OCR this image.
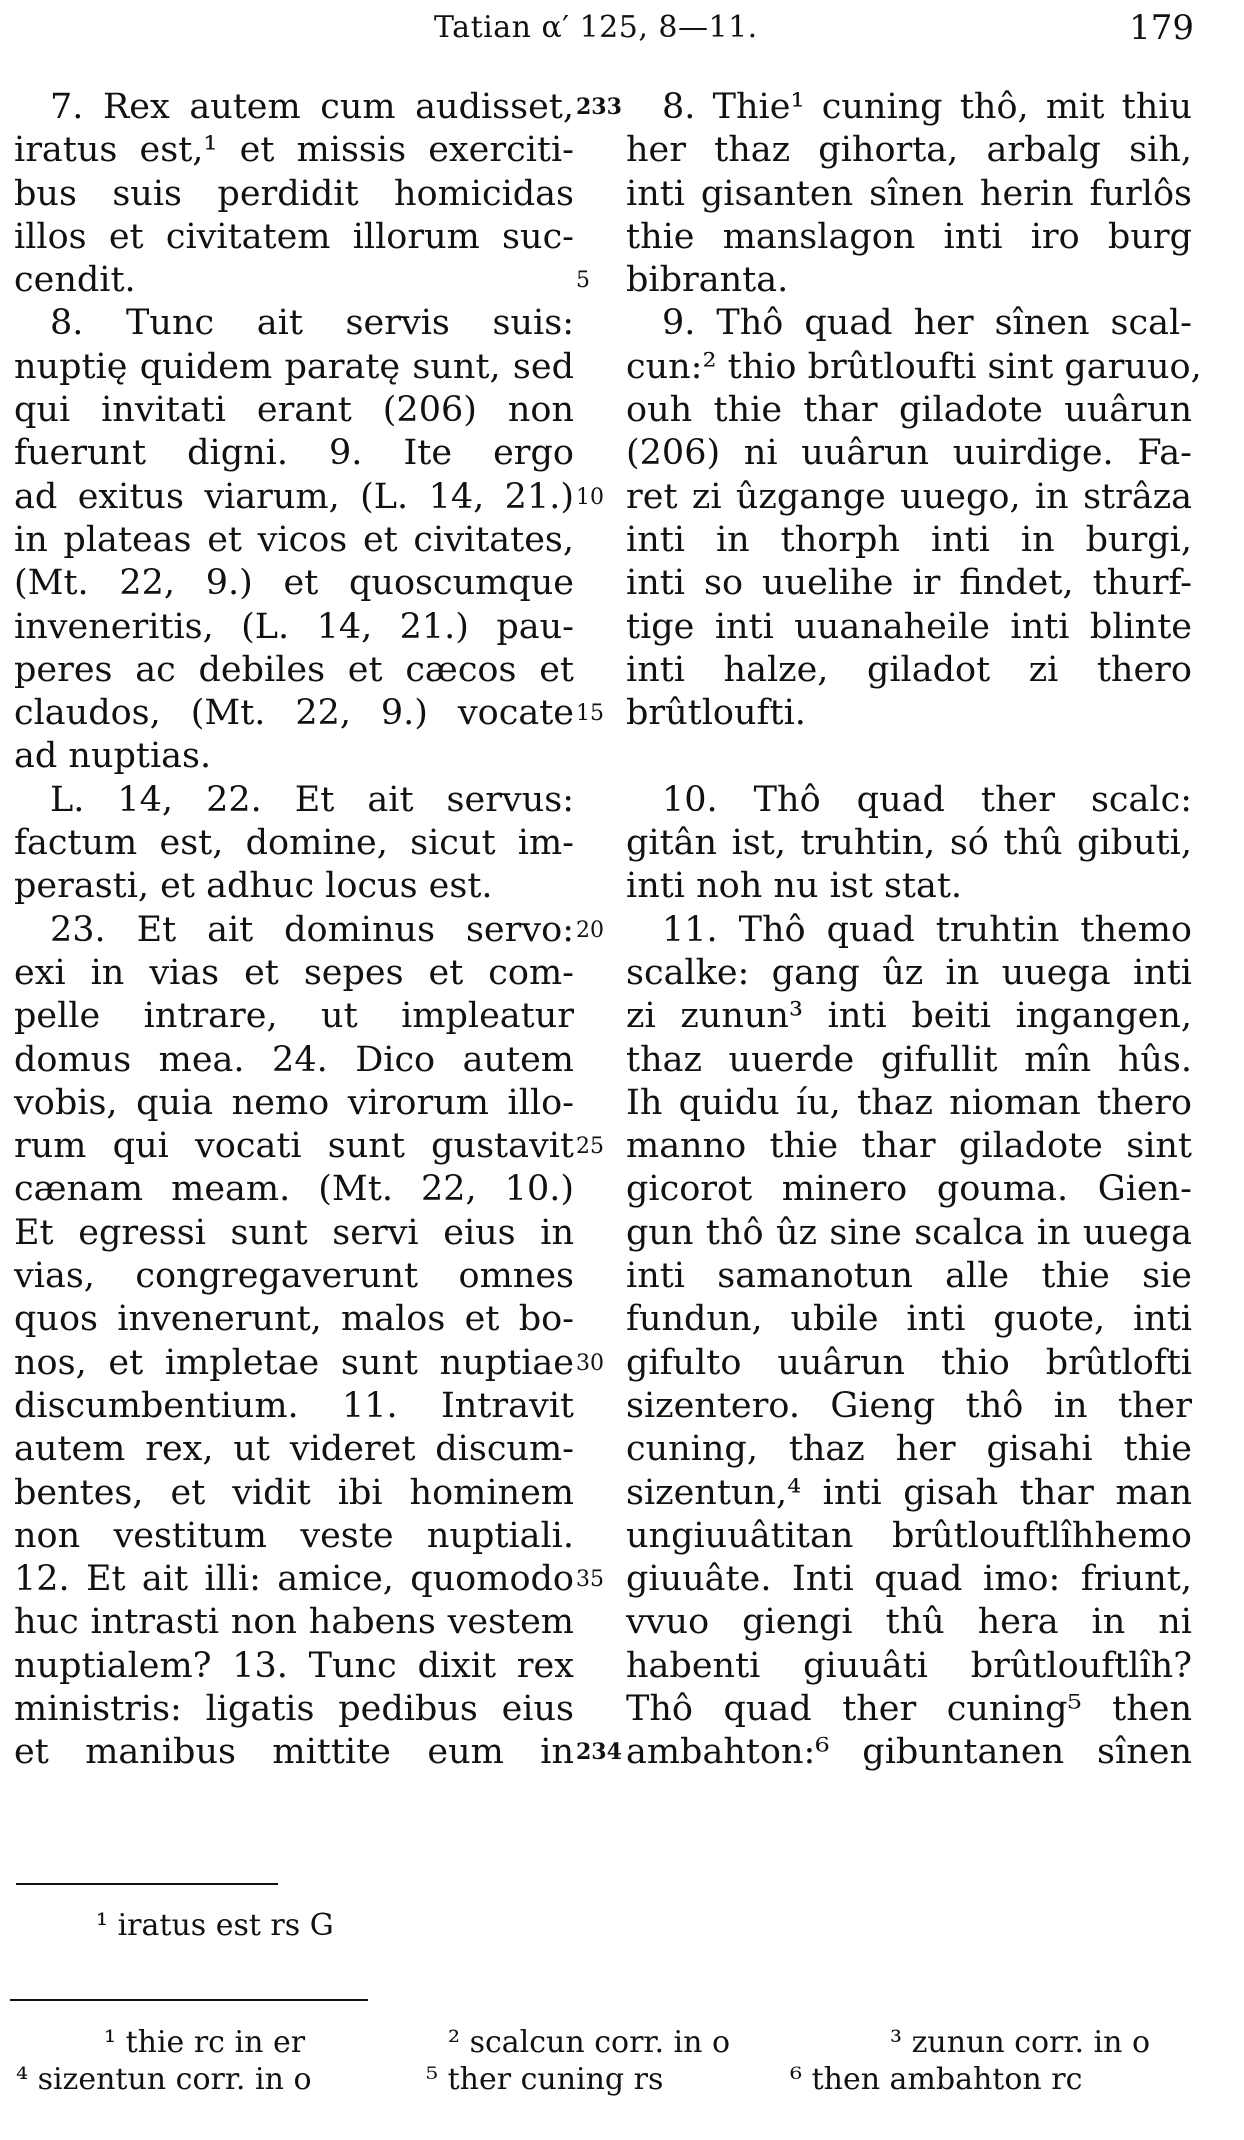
Tatian α′ 125, 8—11.	179
7. Rex autem cum audisset,
iratus est,¹ et missis exerciti-
bus suis perdidit homicidas
illos et civitatem illorum suc-
cendit.
8. Tunc ait servis suis:
nuptię quidem paratę sunt, sed
qui invitati erant (206) non
fuerunt digni. 9. Ite ergo
ad exitus viarum, (L. 14, 21.)
in plateas et vicos et civitates,
(Mt. 22, 9.) et quoscumque
inveneritis, (L. 14, 21.) pau-
peres ac debiles et cæcos et
claudos, (Mt. 22, 9.) vocate
ad nuptias.
L. 14, 22. Et ait servus:
factum est, domine, sicut im-
perasti, et adhuc locus est.
23. Et ait dominus servo:
exi in vias et sepes et com-
pelle intrare, ut impleatur
domus mea. 24. Dico autem
vobis, quia nemo virorum illo-
rum qui vocati sunt gustavit
cænam meam. (Mt. 22, 10.)
Et egressi sunt servi eius in
vias, congregaverunt omnes
quos invenerunt, malos et bo-
nos, et impletae sunt nuptiae
discumbentium. 11. Intravit
autem rex, ut videret discum-
bentes, et vidit ibi hominem
non vestitum veste nuptiali.
12. Et ait illi: amice, quomodo
huc intrasti non habens vestem
nuptialem? 13. Tunc dixit rex
ministris: ligatis pedibus eius
et manibus mittite eum in
233
5
10
15
20
25
30
35
234
8. Thie¹ cuning thô, mit thiu
her thaz gihorta, arbalg sih,
inti gisanten sînen herin furlôs
thie manslagon inti iro burg
bibranta.
9. Thô quad her sînen scal-
cun:² thio brûtloufti sint garuuo,
ouh thie thar giladote uuârun
(206) ni uuârun uuirdige. Fa-
ret zi ûzgange uuego, in strâza
inti in thorph inti in burgi,
inti so uuelihe ir findet, thurf-
tige inti uuanaheile inti blinte
inti halze, giladot zi thero
brûtloufti.
10. Thô quad ther scalc:
gitân ist, truhtin, só thû gibuti,
inti noh nu ist stat.
11. Thô quad truhtin themo
scalke: gang ûz in uuega inti
zi zunun³ inti beiti ingangen,
thaz uuerde gifullit mîn hûs.
Ih quidu íu, thaz nioman thero
manno thie thar giladote sint
gicorot minero gouma. Gien-
gun thô ûz sine scalca in uuega
inti samanotun alle thie sie
fundun, ubile inti guote, inti
gifulto uuârun thio brûtlofti
sizentero. Gieng thô in ther
cuning, thaz her gisahi thie
sizentun,⁴ inti gisah thar man
ungiuuâtitan brûtlouftlîhhemo
giuuâte. Inti quad imo: friunt,
vvuo giengi thû hera in ni
habenti giuuâti brûtlouftlîh?
Thô quad ther cuning⁵ then
ambahton:⁶ gibuntanen sînen
¹ iratus est rs G
¹ thie rc in er	² scalcun corr. in o	³ zunun corr. in o
⁴ sizentun corr. in o	⁵ ther cuning rs	⁶ then ambahton rc
